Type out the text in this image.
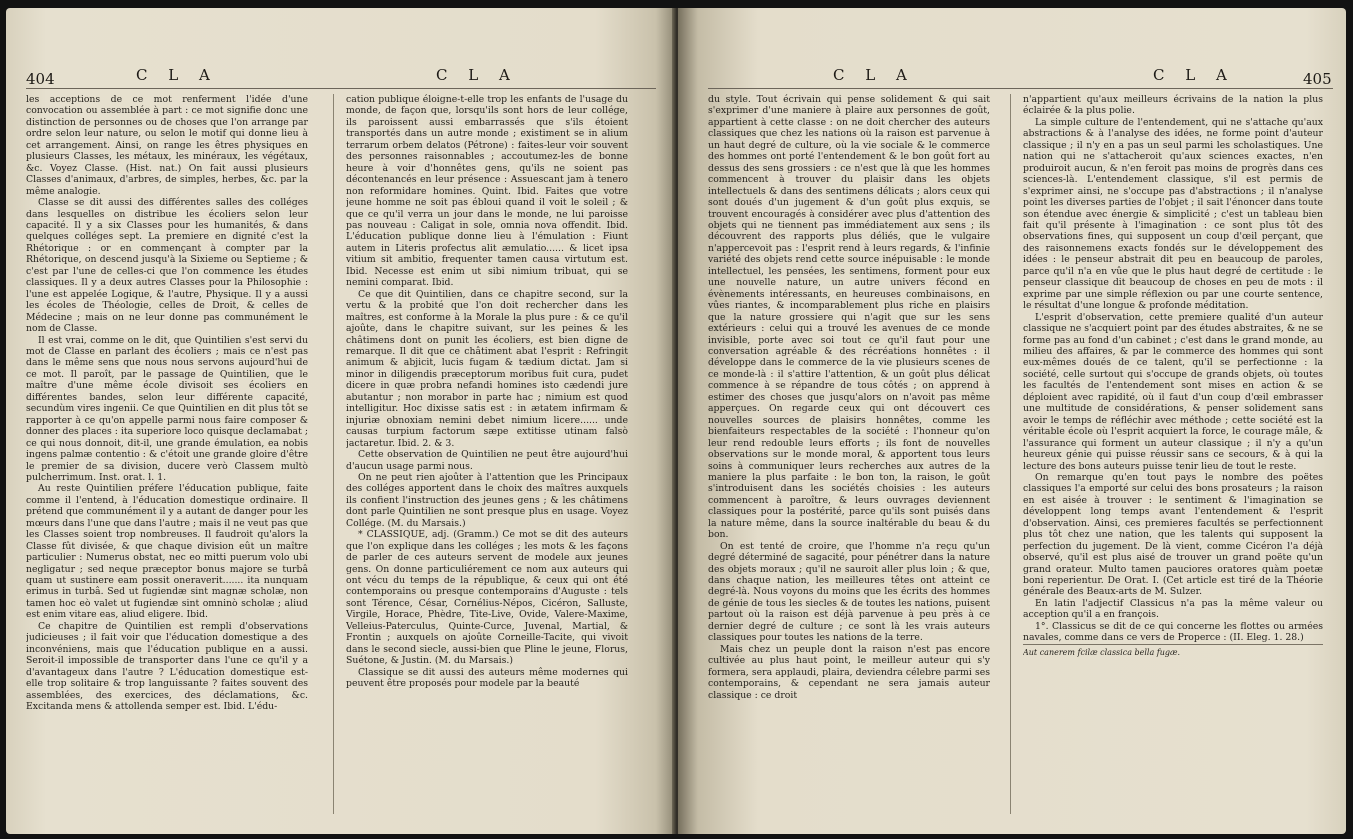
404	C L A	C L A

les acceptions de ce mot renferment l'idée d'une convocation ou assemblée à part : ce mot signifie donc une distinction de personnes ou de choses que l'on arrange par ordre selon leur nature, ou selon le motif qui donne lieu à cet arrangement. Ainsi, on range les êtres physiques en plusieurs Classes, les métaux, les minéraux, les végétaux, &c. Voyez Classe. (Hist. nat.) On fait aussi plusieurs Classes d'animaux, d'arbres, de simples, herbes, &c. par la même analogie.

Classe se dit aussi des différentes salles des colléges dans lesquelles on distribue les écoliers selon leur capacité. Il y a six Classes pour les humanités, & dans quelques colléges sept. La premiere en dignité c'est la Rhétorique : or en commençant à compter par la Rhétorique, on descend jusqu'à la Sixieme ou Septieme ; & c'est par l'une de celles-ci que l'on commence les études classiques. Il y a deux autres Classes pour la Philosophie : l'une est appelée Logique, & l'autre, Physique. Il y a aussi les écoles de Théologie, celles de Droit, & celles de Médecine ; mais on ne leur donne pas communément le nom de Classe.

Il est vrai, comme on le dit, que Quintilien s'est servi du mot de Classe en parlant des écoliers ; mais ce n'est pas dans le même sens que nous nous servons aujourd'hui de ce mot. Il paroît, par le passage de Quintilien, que le maître d'une même école divisoit ses écoliers en différentes bandes, selon leur différente capacité, secundùm vires ingenii. Ce que Quintilien en dit plus tôt se rapporter à ce qu'on appelle parmi nous faire composer & donner des places : ita superiore loco quisque declamabat ; ce qui nous donnoit, dit-il, une grande émulation, ea nobis ingens palmæ contentio : & c'étoit une grande gloire d'être le premier de sa division, ducere verò Classem multò pulcherrimum. Inst. orat. l. 1.

Au reste Quintilien préfere l'éducation publique, faite comme il l'entend, à l'éducation domestique ordinaire. Il prétend que communément il y a autant de danger pour les mœurs dans l'une que dans l'autre ; mais il ne veut pas que les Classes soient trop nombreuses. Il faudroit qu'alors la Classe fût divisée, & que chaque division eût un maître particulier : Numerus obstat, nec eo mitti puerum volo ubi negligatur ; sed neque præceptor bonus majore se turbâ quam ut sustinere eam possit oneraverit....... ita nunquam erimus in turbâ. Sed ut fugiendæ sint magnæ scholæ, non tamen hoc eò valet ut fugiendæ sint omninò scholæ ; aliud est enim vitare eas, aliud eligere. Ibid.

Ce chapitre de Quintilien est rempli d'observations judicieuses ; il fait voir que l'éducation domestique a des inconvéniens, mais que l'éducation publique en a aussi. Seroit-il impossible de transporter dans l'une ce qu'il y a d'avantageux dans l'autre ? L'éducation domestique est-elle trop solitaire & trop languissante ? faites souvent des assemblées, des exercices, des déclamations, &c. Excitanda mens & attollenda semper est. Ibid. L'édu-

cation publique éloigne-t-elle trop les enfants de l'usage du monde, de façon que, lorsqu'ils sont hors de leur collége, ils paroissent aussi embarrassés que s'ils étoient transportés dans un autre monde ; existiment se in alium terrarum orbem delatos (Pétrone) : faites-leur voir souvent des personnes raisonnables ; accoutumez-les de bonne heure à voir d'honnêtes gens, qu'ils ne soient pas décontenancés en leur présence : Assuescant jam à tenero non reformidare homines. Quint. Ibid. Faites que votre jeune homme ne soit pas ébloui quand il voit le soleil ; & que ce qu'il verra un jour dans le monde, ne lui paroisse pas nouveau : Caligat in sole, omnia nova offendit. Ibid. L'éducation publique donne lieu à l'émulation : Fiunt autem in Literis profectus alit æmulatio...... & licet ipsa vitium sit ambitio, frequenter tamen causa virtutum est. Ibid. Necesse est enim ut sibi nimium tribuat, qui se nemini comparat. Ibid.

Ce que dit Quintilien, dans ce chapitre second, sur la vertu & la probité que l'on doit rechercher dans les maîtres, est conforme à la Morale la plus pure : & ce qu'il ajoûte, dans le chapitre suivant, sur les peines & les châtimens dont on punit les écoliers, est bien digne de remarque. Il dit que ce châtiment abat l'esprit : Refringit animum & abjicit, lucis fugam & tædium dictat. Jam si minor in diligendis præceptorum moribus fuit cura, pudet dicere in quæ probra nefandi homines isto cædendi jure abutantur ; non morabor in parte hac ; nimium est quod intelligitur. Hoc dixisse satis est : in ætatem infirmam & injuriæ obnoxiam nemini debet nimium licere...... unde causas turpium factorum sæpe extitisse utinam falsò jactaretur. Ibid. 2. & 3.

Cette observation de Quintilien ne peut être aujourd'hui d'aucun usage parmi nous.

On ne peut rien ajoûter à l'attention que les Principaux des colléges apportent dans le choix des maîtres auxquels ils confient l'instruction des jeunes gens ; & les châtimens dont parle Quintilien ne sont presque plus en usage. Voyez Collége. (M. du Marsais.)

* CLASSIQUE, adj. (Gramm.) Ce mot se dit des auteurs que l'on explique dans les colléges ; les mots & les façons de parler de ces auteurs servent de modele aux jeunes gens. On donne particuliérement ce nom aux auteurs qui ont vécu du temps de la république, & ceux qui ont été contemporains ou presque contemporains d'Auguste : tels sont Térence, César, Cornélius-Népos, Cicéron, Salluste, Virgile, Horace, Phèdre, Tite-Live, Ovide, Valere-Maxime, Velleius-Paterculus, Quinte-Curce, Juvenal, Martial, & Frontin ; auxquels on ajoûte Corneille-Tacite, qui vivoit dans le second siecle, aussi-bien que Pline le jeune, Florus, Suétone, & Justin. (M. du Marsais.)

Classique se dit aussi des auteurs même modernes qui peuvent être proposés pour modele par la beauté

C L A	C L A	405

du style. Tout écrivain qui pense solidement & qui sait s'exprimer d'une maniere à plaire aux personnes de goût, appartient à cette classe : on ne doit chercher des auteurs classiques que chez les nations où la raison est parvenue à un haut degré de culture, où la vie sociale & le commerce des hommes ont porté l'entendement & le bon goût fort au dessus des sens grossiers : ce n'est que là que les hommes commencent à trouver du plaisir dans les objets intellectuels & dans des sentimens délicats ; alors ceux qui sont doués d'un jugement & d'un goût plus exquis, se trouvent encouragés à considérer avec plus d'attention des objets qui ne tiennent pas immédiatement aux sens ; ils découvrent des rapports plus déliés, que le vulgaire n'appercevoit pas : l'esprit rend à leurs regards, & l'infinie variété des objets rend cette source inépuisable : le monde intellectuel, les pensées, les sentimens, forment pour eux une nouvelle nature, un autre univers fécond en évènements intéressants, en heureuses combinaisons, en vûes riantes, & incomparablement plus riche en plaisirs que la nature grossiere qui n'agit que sur les sens extérieurs : celui qui a trouvé les avenues de ce monde invisible, porte avec soi tout ce qu'il faut pour une conversation agréable & des récréations honnêtes : il développe dans le commerce de la vie plusieurs scenes de ce monde-là : il s'attire l'attention, & un goût plus délicat commence à se répandre de tous côtés ; on apprend à estimer des choses que jusqu'alors on n'avoit pas même apperçues. On regarde ceux qui ont découvert ces nouvelles sources de plaisirs honnêtes, comme les bienfaiteurs respectables de la société : l'honneur qu'on leur rend redouble leurs efforts ; ils font de nouvelles observations sur le monde moral, & apportent tous leurs soins à communiquer leurs recherches aux autres de la maniere la plus parfaite : le bon ton, la raison, le goût s'introduisent dans les sociétés choisies : les auteurs commencent à paroître, & leurs ouvrages deviennent classiques pour la postérité, parce qu'ils sont puisés dans la nature même, dans la source inaltérable du beau & du bon.

On est tenté de croire, que l'homme n'a reçu qu'un degré déterminé de sagacité, pour pénétrer dans la nature des objets moraux ; qu'il ne sauroit aller plus loin ; & que, dans chaque nation, les meilleures têtes ont atteint ce degré-là. Nous voyons du moins que les écrits des hommes de génie de tous les siecles & de toutes les nations, puisent partout où la raison est déjà parvenue à peu près à ce dernier degré de culture ; ce sont là les vrais auteurs classiques pour toutes les nations de la terre.

Mais chez un peuple dont la raison n'est pas encore cultivée au plus haut point, le meilleur auteur qui s'y formera, sera applaudi, plaira, deviendra célebre parmi ses contemporains, & cependant ne sera jamais auteur classique : ce droit

n'appartient qu'aux meilleurs écrivains de la nation la plus éclairée & la plus polie.

La simple culture de l'entendement, qui ne s'attache qu'aux abstractions & à l'analyse des idées, ne forme point d'auteur classique ; il n'y en a pas un seul parmi les scholastiques. Une nation qui ne s'attacheroit qu'aux sciences exactes, n'en produiroit aucun, & n'en feroit pas moins de progrès dans ces sciences-là. L'entendement classique, s'il est permis de s'exprimer ainsi, ne s'occupe pas d'abstractions ; il n'analyse point les diverses parties de l'objet ; il sait l'énoncer dans toute son étendue avec énergie & simplicité ; c'est un tableau bien fait qu'il présente à l'imagination : ce sont plus tôt des observations fines, qui supposent un coup d'œil perçant, que des raisonnemens exacts fondés sur le développement des idées : le penseur abstrait dit peu en beaucoup de paroles, parce qu'il n'a en vûe que le plus haut degré de certitude : le penseur classique dit beaucoup de choses en peu de mots : il exprime par une simple réflexion ou par une courte sentence, le résultat d'une longue & profonde méditation.

L'esprit d'observation, cette premiere qualité d'un auteur classique ne s'acquiert point par des études abstraites, & ne se forme pas au fond d'un cabinet ; c'est dans le grand monde, au milieu des affaires, & par le commerce des hommes qui sont eux-mêmes doués de ce talent, qu'il se perfectionne : la société, celle surtout qui s'occupe de grands objets, où toutes les facultés de l'entendement sont mises en action & se déploient avec rapidité, où il faut d'un coup d'œil embrasser une multitude de considérations, & penser solidement sans avoir le temps de réfléchir avec méthode ; cette société est la véritable école où l'esprit acquiert la force, le courage mâle, & l'assurance qui forment un auteur classique ; il n'y a qu'un heureux génie qui puisse réussir sans ce secours, & à qui la lecture des bons auteurs puisse tenir lieu de tout le reste.

On remarque qu'en tout pays le nombre des poëtes classiques l'a emporté sur celui des bons prosateurs ; la raison en est aisée à trouver : le sentiment & l'imagination se développent long temps avant l'entendement & l'esprit d'observation. Ainsi, ces premieres facultés se perfectionnent plus tôt chez une nation, que les talents qui supposent la perfection du jugement. De là vient, comme Cicéron l'a déjà observé, qu'il est plus aisé de trouver un grand poëte qu'un grand orateur. Multo tamen pauciores oratores quàm poetæ boni reperientur. De Orat. I. (Cet article est tiré de la Théorie générale des Beaux-arts de M. Sulzer.

En latin l'adjectif Classicus n'a pas la même valeur ou acception qu'il a en françois.

1°. Classicus se dit de ce qui concerne les flottes ou armées navales, comme dans ce vers de Properce : (II. Eleg. 1. 28.)

Aut canerem fcilæ classica bella fugæ.
